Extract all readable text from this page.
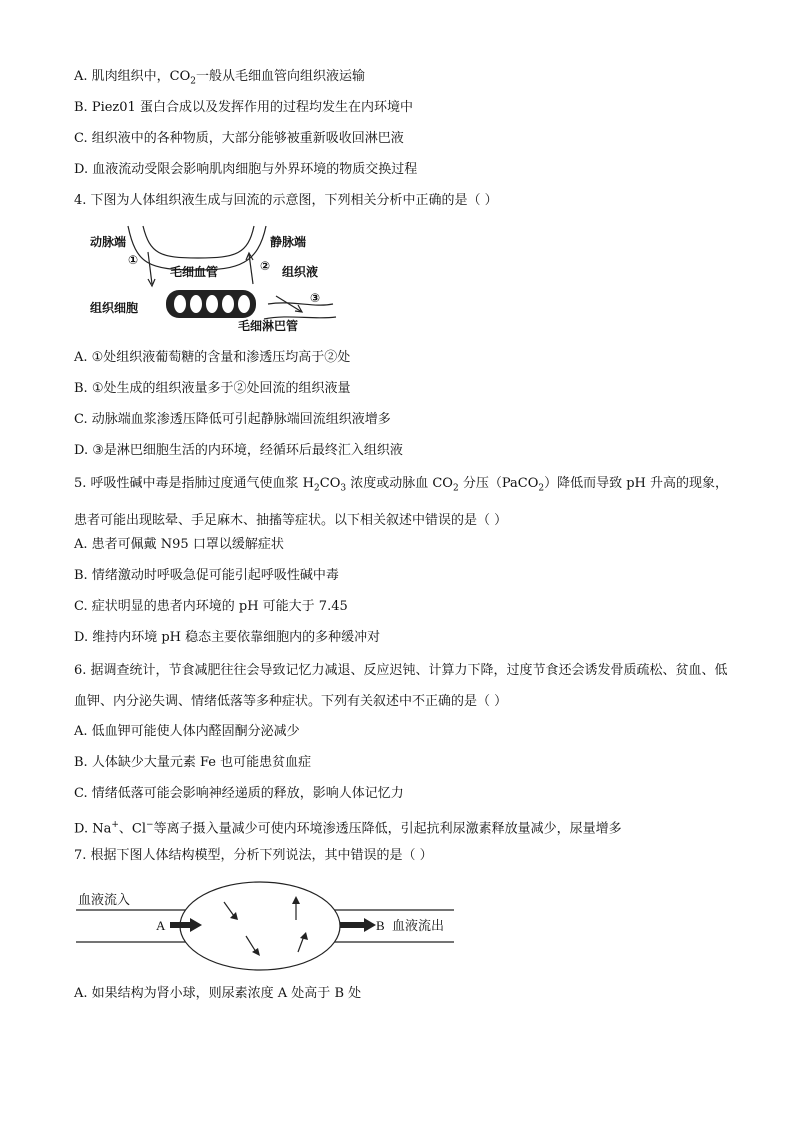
A. 肌肉组织中，$CO_2$一般从毛细血管向组织液运输
B. Piez01 蛋白合成以及发挥作用的过程均发生在内环境中
C. 组织液中的各种物质，大部分能够被重新吸收回淋巴液
D. 血液流动受限会影响肌肉细胞与外界环境的物质交换过程
4. 下图为人体组织液生成与回流的示意图，下列相关分析中正确的是（ ）
动脉端
①
毛细血管
静脉端
② 组织液
③
组织细胞
毛细淋巴管
A. ①处组织液葡萄糖的含量和渗透压均高于②处
B. ①处生成的组织液量多于②处回流的组织液量
C. 动脉端血浆渗透压降低可引起静脉端回流组织液增多
D. ③是淋巴细胞生活的内环境，经循环后最终汇入组织液
5. 呼吸性碱中毒是指肺过度通气使血浆 $H_2CO_3$ 浓度或动脉血 $CO_2$ 分压（PaCO$_2$）降低而导致 pH 升高的现象，患者可能出现眩晕、手足麻木、抽搐等症状。以下相关叙述中错误的是（ ）
A. 患者可佩戴 N95 口罩以缓解症状
B. 情绪激动时呼吸急促可能引起呼吸性碱中毒
C. 症状明显的患者内环境的 pH 可能大于 7.45
D. 维持内环境 pH 稳态主要依靠细胞内的多种缓冲对
6. 据调查统计，节食减肥往往会导致记忆力减退、反应迟钝、计算力下降，过度节食还会诱发骨质疏松、贫血、低血钾、内分泌失调、情绪低落等多种症状。下列有关叙述中不正确的是（ ）
A. 低血钾可能使人体内醛固酮分泌减少
B. 人体缺少大量元素 Fe 也可能患贫血症
C. 情绪低落可能会影响神经递质的释放，影响人体记忆力
D. Na+、Cl−等离子摄入量减少可使内环境渗透压降低，引起抗利尿激素释放量减少，尿量增多
7. 根据下图人体结构模型，分析下列说法，其中错误的是（ ）
血液流入
A	B 血液流出
A. 如果结构为肾小球，则尿素浓度 A 处高于 B 处
